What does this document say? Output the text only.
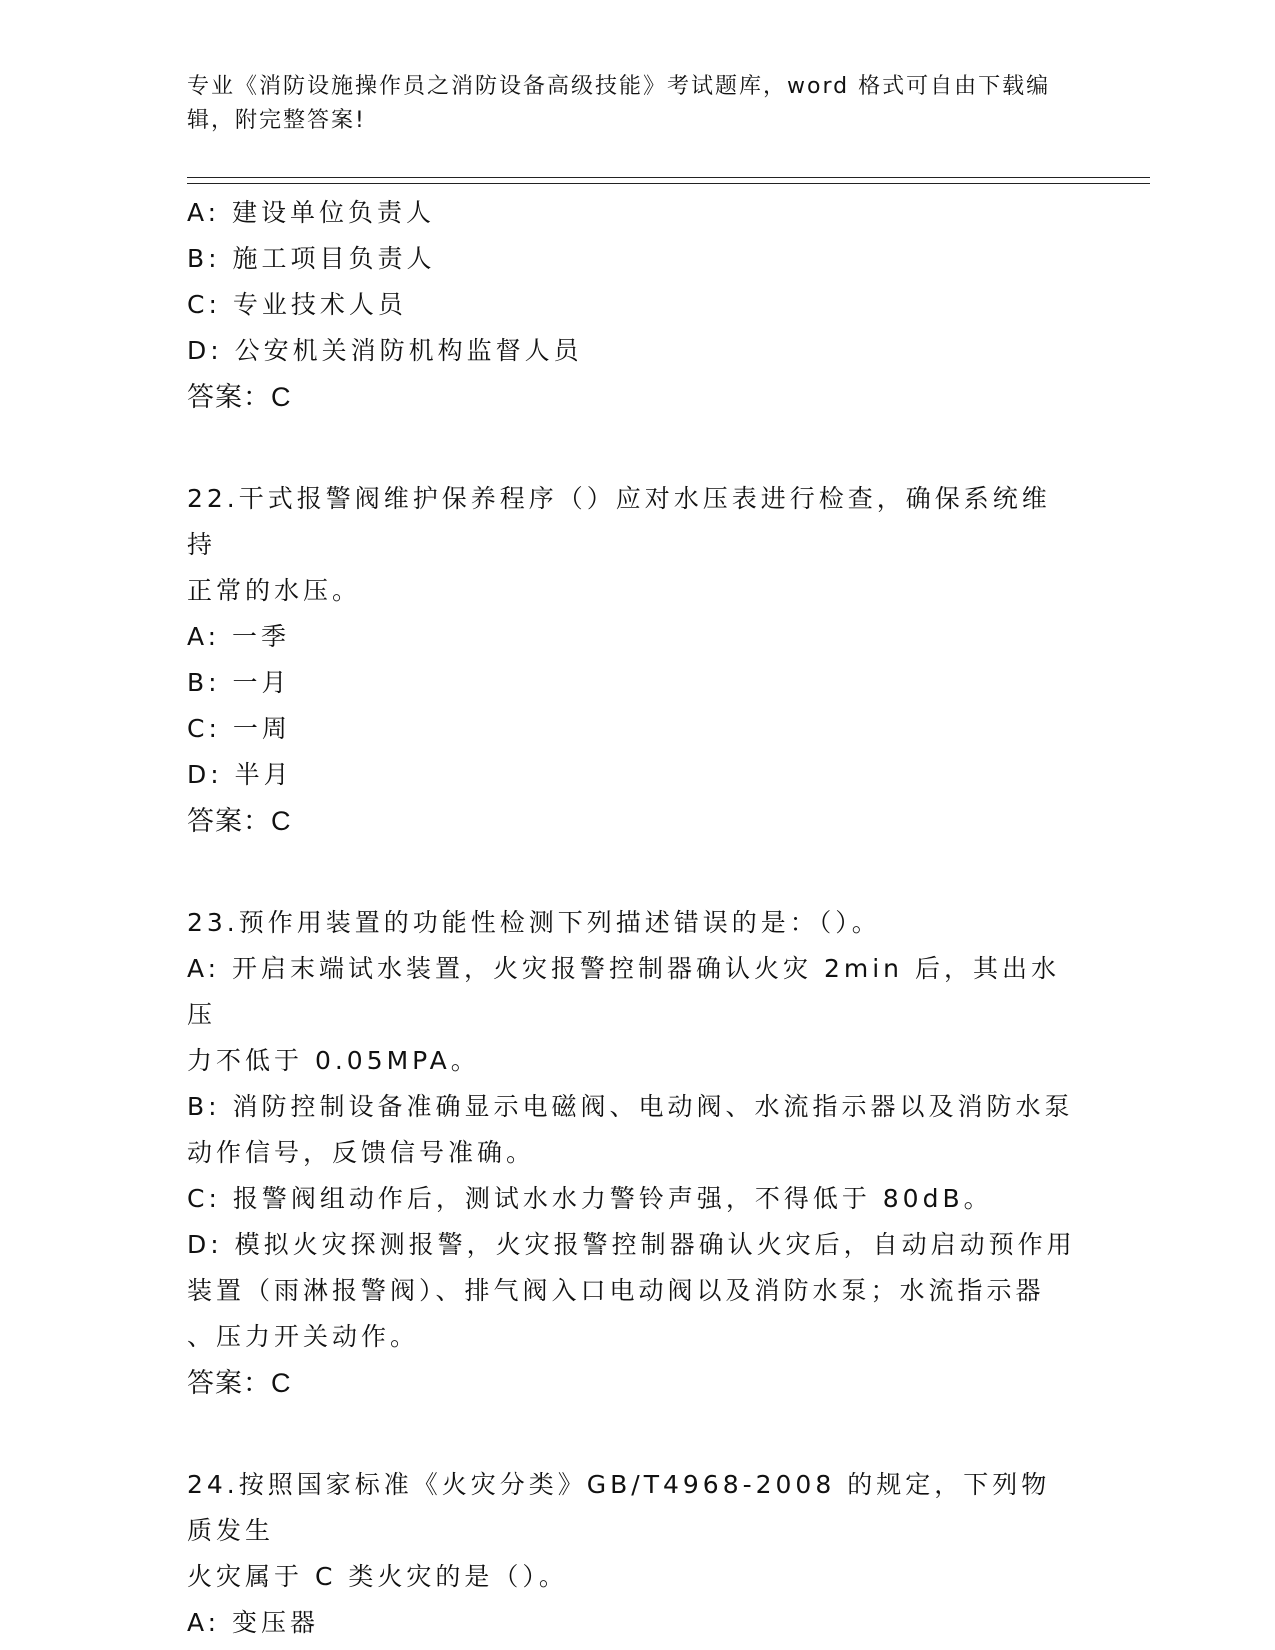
专业《消防设施操作员之消防设备高级技能》考试题库，word 格式可自由下载编辑，附完整答案!

A: 建设单位负责人

B: 施工项目负责人

C: 专业技术人员

D: 公安机关消防机构监督人员

答案：C

22.干式报警阀维护保养程序（）应对水压表进行检查，确保系统维持

正常的水压。

A: 一季

B: 一月

C: 一周

D: 半月

答案：C

23.预作用装置的功能性检测下列描述错误的是：（）。

A: 开启末端试水装置，火灾报警控制器确认火灾 2min 后，其出水压

力不低于 0.05MPA。

B: 消防控制设备准确显示电磁阀、电动阀、水流指示器以及消防水泵

动作信号，反馈信号准确。

C: 报警阀组动作后，测试水水力警铃声强，不得低于 80dB。

D: 模拟火灾探测报警，火灾报警控制器确认火灾后，自动启动预作用

装置（雨淋报警阀）、排气阀入口电动阀以及消防水泵；水流指示器

、压力开关动作。

答案：C

24.按照国家标准《火灾分类》GB/T4968-2008 的规定，下列物质发生

火灾属于 C 类火灾的是（）。

A: 变压器
